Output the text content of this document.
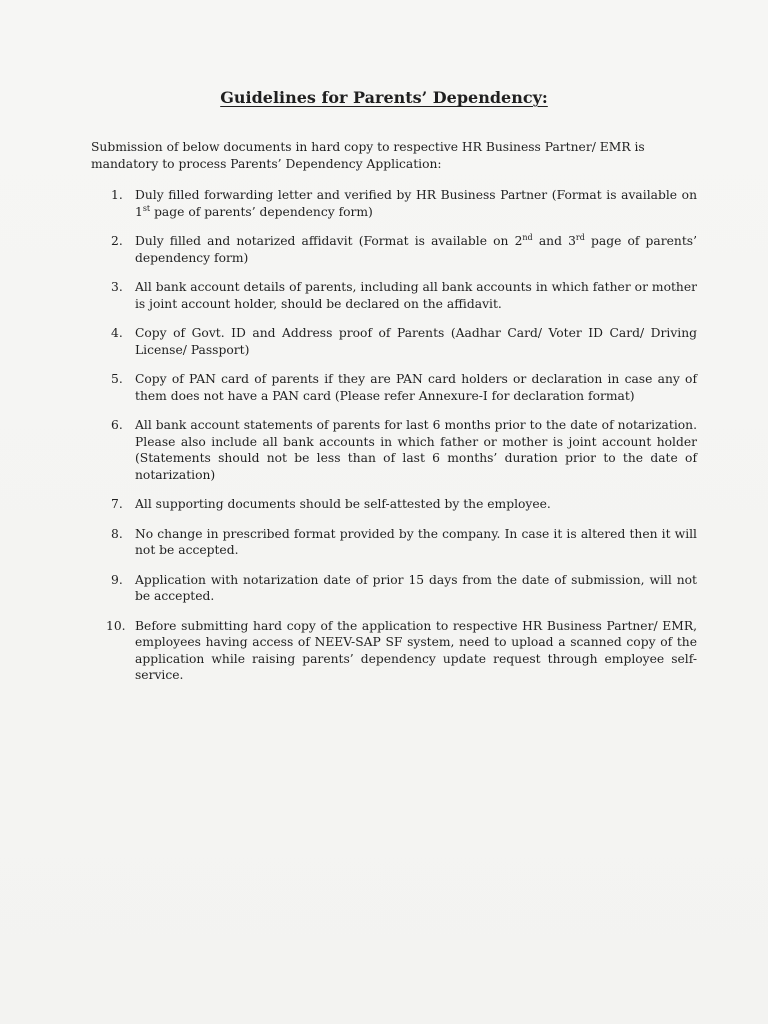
Guidelines for Parents’ Dependency:

Submission of below documents in hard copy to respective HR Business Partner/ EMR is mandatory to process Parents’ Dependency Application:

1. Duly filled forwarding letter and verified by HR Business Partner (Format is available on 1st page of parents’ dependency form)
2. Duly filled and notarized affidavit (Format is available on 2nd and 3rd page of parents’ dependency form)
3. All bank account details of parents, including all bank accounts in which father or mother is joint account holder, should be declared on the affidavit.
4. Copy of Govt. ID and Address proof of Parents (Aadhar Card/ Voter ID Card/ Driving License/ Passport)
5. Copy of PAN card of parents if they are PAN card holders or declaration in case any of them does not have a PAN card (Please refer Annexure-I for declaration format)
6. All bank account statements of parents for last 6 months prior to the date of notarization. Please also include all bank accounts in which father or mother is joint account holder (Statements should not be less than of last 6 months’ duration prior to the date of notarization)
7. All supporting documents should be self-attested by the employee.
8. No change in prescribed format provided by the company. In case it is altered then it will not be accepted.
9. Application with notarization date of prior 15 days from the date of submission, will not be accepted.
10. Before submitting hard copy of the application to respective HR Business Partner/ EMR, employees having access of NEEV-SAP SF system, need to upload a scanned copy of the application while raising parents’ dependency update request through employee self-service.
